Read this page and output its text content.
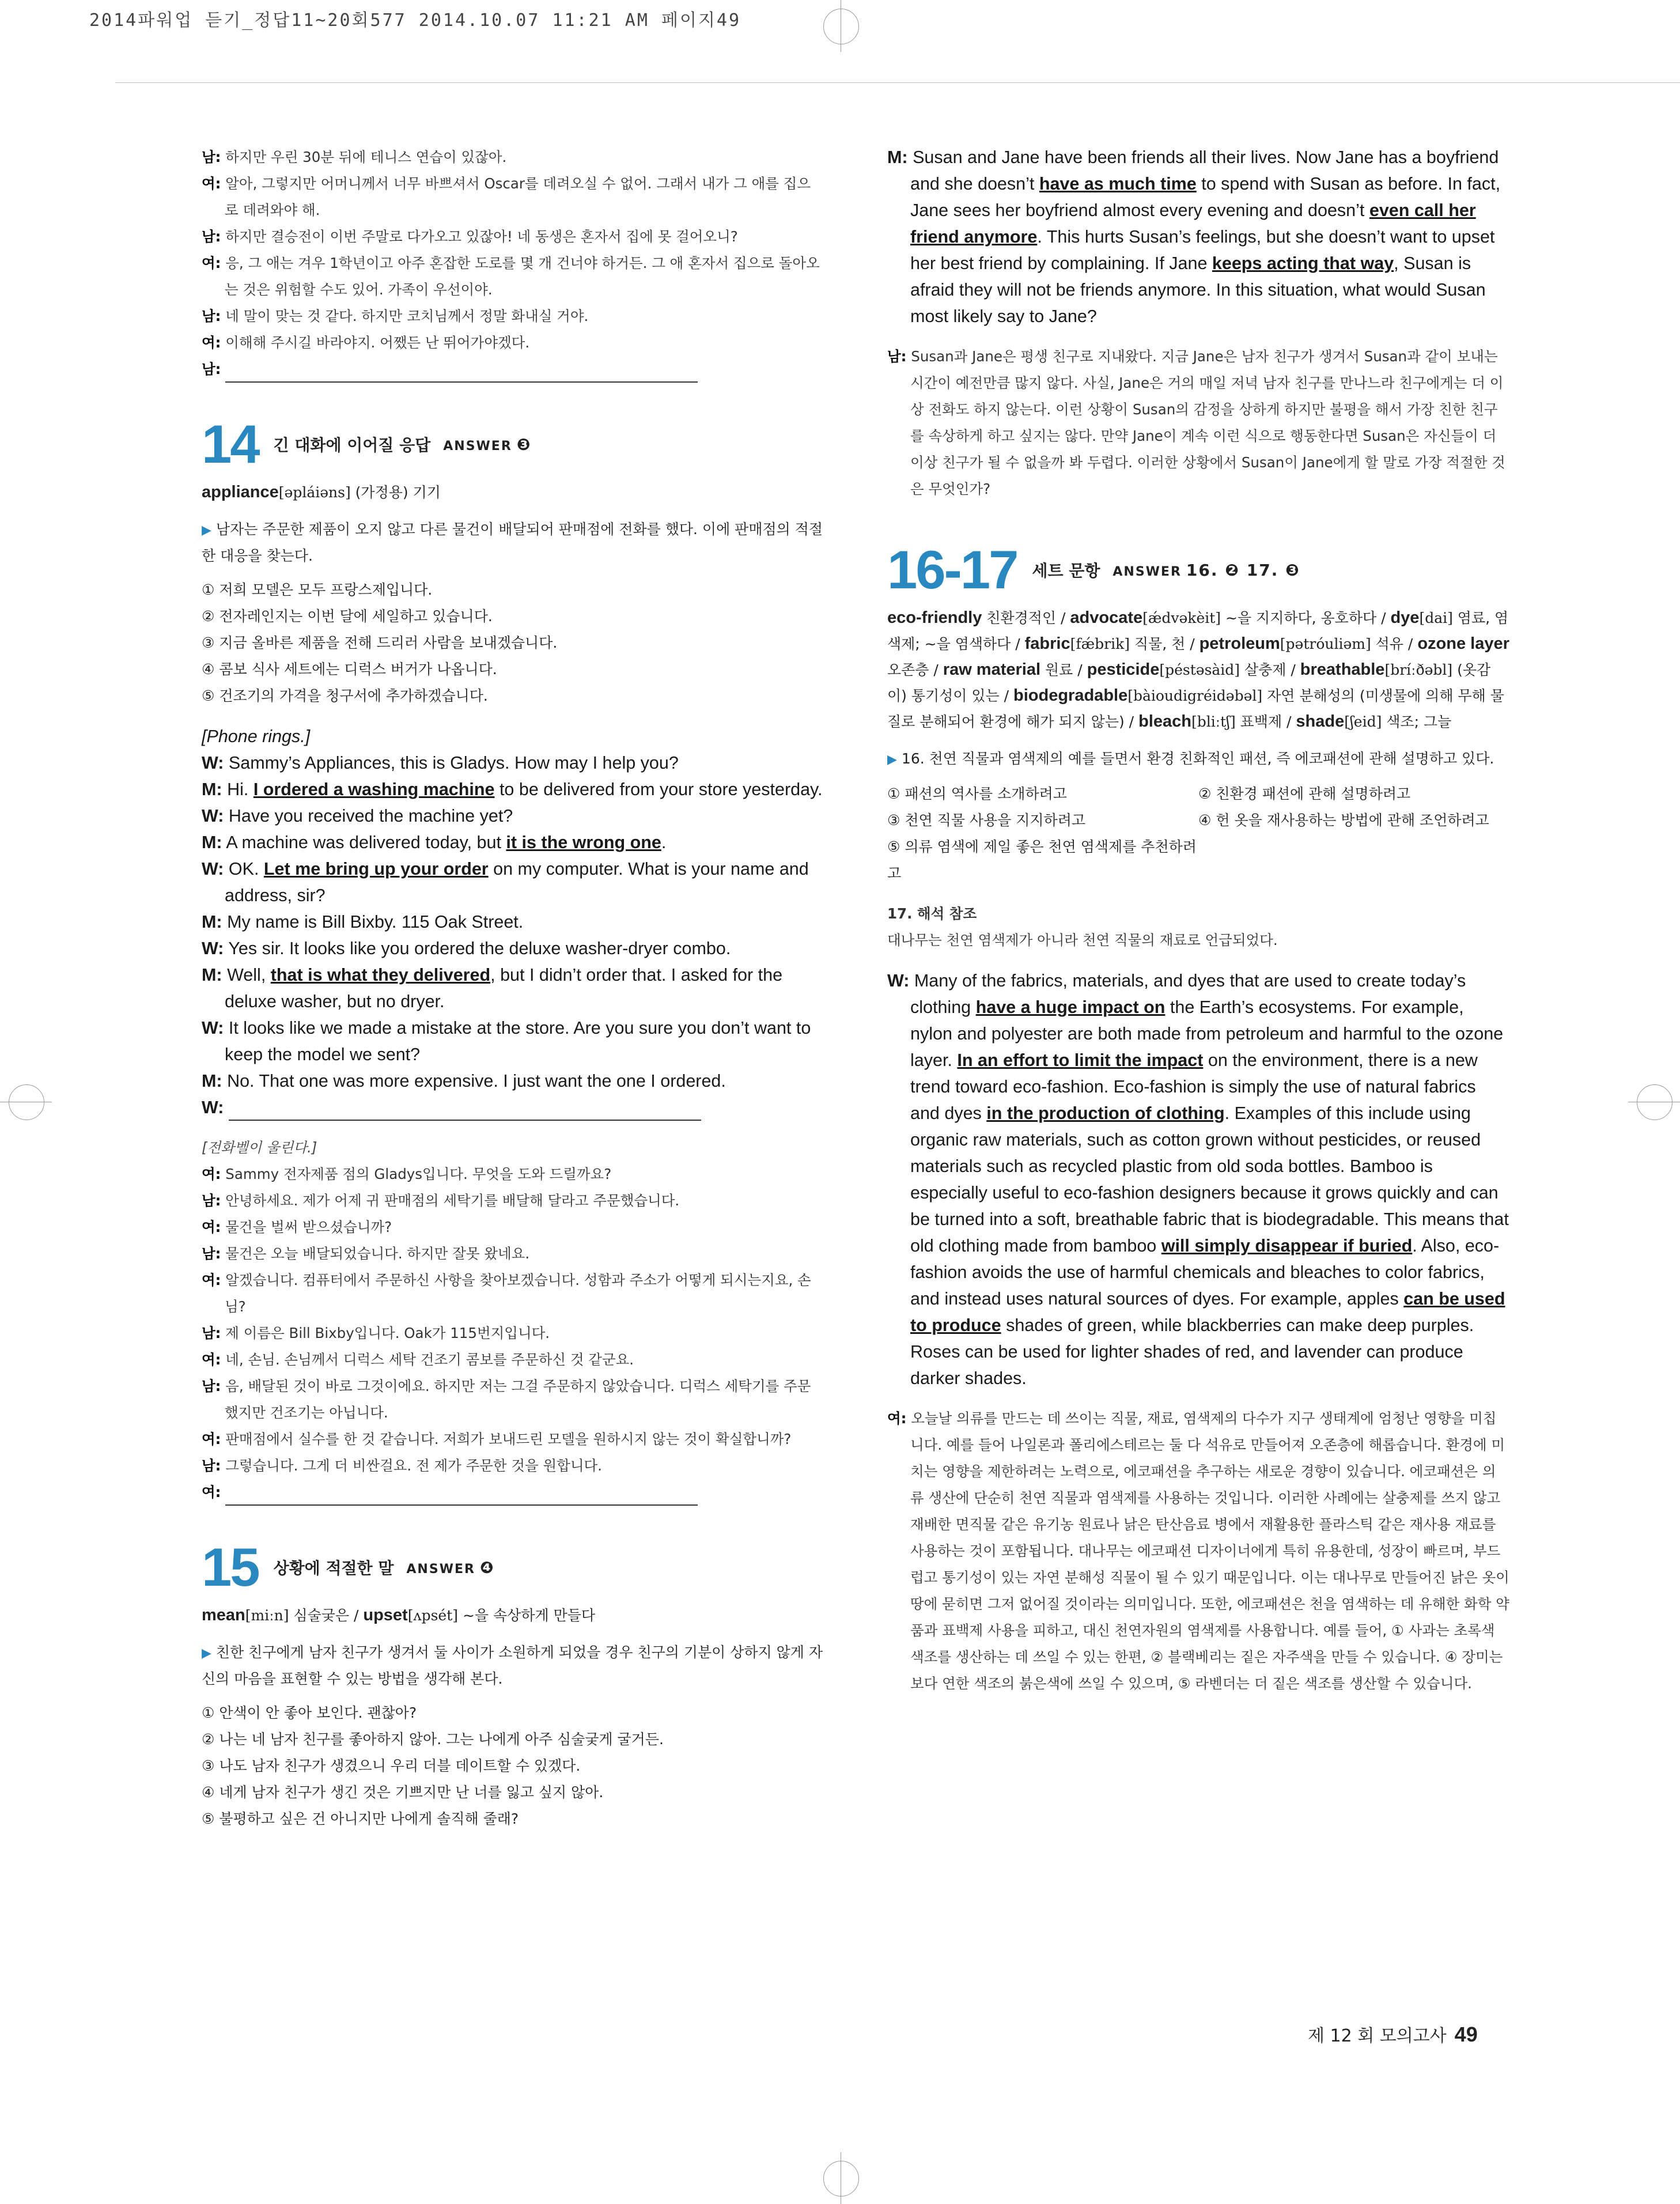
2014파워업 듣기_정답11~20회577 2014.10.07 11:21 AM 페이지49
남: 하지만 우린 30분 뒤에 테니스 연습이 있잖아.
여: 알아, 그렇지만 어머니께서 너무 바쁘셔서 Oscar를 데려오실 수 없어. 그래서 내가 그 애를 집으로 데려와야 해.
남: 하지만 결승전이 이번 주말로 다가오고 있잖아! 네 동생은 혼자서 집에 못 걸어오니?
여: 응, 그 애는 겨우 1학년이고 아주 혼잡한 도로를 몇 개 건너야 하거든. 그 애 혼자서 집으로 돌아오는 것은 위험할 수도 있어. 가족이 우선이야.
남: 네 말이 맞는 것 같다. 하지만 코치님께서 정말 화내실 거야.
여: 이해해 주시길 바라야지. 어쨌든 난 뛰어가야겠다.
남:
14 긴 대화에 이어질 응답 ANSWER ❸
appliance[əpláiəns] (가정용) 기기
▶ 남자는 주문한 제품이 오지 않고 다른 물건이 배달되어 판매점에 전화를 했다. 이에 판매점의 적절한 대응을 찾는다.
① 저희 모델은 모두 프랑스제입니다.
② 전자레인지는 이번 달에 세일하고 있습니다.
③ 지금 올바른 제품을 전해 드리러 사람을 보내겠습니다.
④ 콤보 식사 세트에는 디럭스 버거가 나옵니다.
⑤ 건조기의 가격을 청구서에 추가하겠습니다.
[Phone rings.]
W: Sammy’s Appliances, this is Gladys. How may I help you?
M: Hi. I ordered a washing machine to be delivered from your store yesterday.
W: Have you received the machine yet?
M: A machine was delivered today, but it is the wrong one.
W: OK. Let me bring up your order on my computer. What is your name and address, sir?
M: My name is Bill Bixby. 115 Oak Street.
W: Yes sir. It looks like you ordered the deluxe washer-dryer combo.
M: Well, that is what they delivered, but I didn’t order that. I asked for the deluxe washer, but no dryer.
W: It looks like we made a mistake at the store. Are you sure you don’t want to keep the model we sent?
M: No. That one was more expensive. I just want the one I ordered.
W:
[전화벨이 울린다.]
여: Sammy 전자제품 점의 Gladys입니다. 무엇을 도와 드릴까요?
남: 안녕하세요. 제가 어제 귀 판매점의 세탁기를 배달해 달라고 주문했습니다.
여: 물건을 벌써 받으셨습니까?
남: 물건은 오늘 배달되었습니다. 하지만 잘못 왔네요.
여: 알겠습니다. 컴퓨터에서 주문하신 사항을 찾아보겠습니다. 성함과 주소가 어떻게 되시는지요, 손님?
남: 제 이름은 Bill Bixby입니다. Oak가 115번지입니다.
여: 네, 손님. 손님께서 디럭스 세탁 건조기 콤보를 주문하신 것 같군요.
남: 음, 배달된 것이 바로 그것이에요. 하지만 저는 그걸 주문하지 않았습니다. 디럭스 세탁기를 주문했지만 건조기는 아닙니다.
여: 판매점에서 실수를 한 것 같습니다. 저희가 보내드린 모델을 원하시지 않는 것이 확실합니까?
남: 그렇습니다. 그게 더 비싼걸요. 전 제가 주문한 것을 원합니다.
여:
15 상황에 적절한 말 ANSWER ❹
mean[miːn] 심술궂은 / upset[ʌpsét] ~을 속상하게 만들다
▶ 친한 친구에게 남자 친구가 생겨서 둘 사이가 소원하게 되었을 경우 친구의 기분이 상하지 않게 자신의 마음을 표현할 수 있는 방법을 생각해 본다.
① 안색이 안 좋아 보인다. 괜찮아?
② 나는 네 남자 친구를 좋아하지 않아. 그는 나에게 아주 심술궂게 굴거든.
③ 나도 남자 친구가 생겼으니 우리 더블 데이트할 수 있겠다.
④ 네게 남자 친구가 생긴 것은 기쁘지만 난 너를 잃고 싶지 않아.
⑤ 불평하고 싶은 건 아니지만 나에게 솔직해 줄래?
M: Susan and Jane have been friends all their lives. Now Jane has a boyfriend and she doesn’t have as much time to spend with Susan as before. In fact, Jane sees her boyfriend almost every evening and doesn’t even call her friend anymore. This hurts Susan’s feelings, but she doesn’t want to upset her best friend by complaining. If Jane keeps acting that way, Susan is afraid they will not be friends anymore. In this situation, what would Susan most likely say to Jane?
남: Susan과 Jane은 평생 친구로 지내왔다. 지금 Jane은 남자 친구가 생겨서 Susan과 같이 보내는 시간이 예전만큼 많지 않다. 사실, Jane은 거의 매일 저녁 남자 친구를 만나느라 친구에게는 더 이상 전화도 하지 않는다. 이런 상황이 Susan의 감정을 상하게 하지만 불평을 해서 가장 친한 친구를 속상하게 하고 싶지는 않다. 만약 Jane이 계속 이런 식으로 행동한다면 Susan은 자신들이 더 이상 친구가 될 수 없을까 봐 두렵다. 이러한 상황에서 Susan이 Jane에게 할 말로 가장 적절한 것은 무엇인가?
16-17 세트 문항 ANSWER 16. ❷ 17. ❸
eco-friendly 친환경적인 / advocate[ǽdvəkèit] ~을 지지하다, 옹호하다 / dye[dai] 염료, 염색제; ~을 염색하다 / fabric[fǽbrik] 직물, 천 / petroleum[pətróuliəm] 석유 / ozone layer 오존층 / raw material 원료 / pesticide[péstəsàid] 살충제 / breathable[bríːðəbl] (옷감이) 통기성이 있는 / biodegradable[bàioudigréidəbəl] 자연 분해성의 (미생물에 의해 무해 물질로 분해되어 환경에 해가 되지 않는) / bleach[bliːtʃ] 표백제 / shade[ʃeid] 색조; 그늘
▶ 16. 천연 직물과 염색제의 예를 들면서 환경 친화적인 패션, 즉 에코패션에 관해 설명하고 있다.
① 패션의 역사를 소개하려고	② 친환경 패션에 관해 설명하려고
③ 천연 직물 사용을 지지하려고	④ 헌 옷을 재사용하는 방법에 관해 조언하려고
⑤ 의류 염색에 제일 좋은 천연 염색제를 추천하려고
17. 해석 참조
대나무는 천연 염색제가 아니라 천연 직물의 재료로 언급되었다.
W: Many of the fabrics, materials, and dyes that are used to create today’s clothing have a huge impact on the Earth’s ecosystems. For example, nylon and polyester are both made from petroleum and harmful to the ozone layer. In an effort to limit the impact on the environment, there is a new trend toward eco-fashion. Eco-fashion is simply the use of natural fabrics and dyes in the production of clothing. Examples of this include using organic raw materials, such as cotton grown without pesticides, or reused materials such as recycled plastic from old soda bottles. Bamboo is especially useful to eco-fashion designers because it grows quickly and can be turned into a soft, breathable fabric that is biodegradable. This means that old clothing made from bamboo will simply disappear if buried. Also, eco-fashion avoids the use of harmful chemicals and bleaches to color fabrics, and instead uses natural sources of dyes. For example, apples can be used to produce shades of green, while blackberries can make deep purples. Roses can be used for lighter shades of red, and lavender can produce darker shades.
여: 오늘날 의류를 만드는 데 쓰이는 직물, 재료, 염색제의 다수가 지구 생태계에 엄청난 영향을 미칩니다. 예를 들어 나일론과 폴리에스테르는 둘 다 석유로 만들어져 오존층에 해롭습니다. 환경에 미치는 영향을 제한하려는 노력으로, 에코패션을 추구하는 새로운 경향이 있습니다. 에코패션은 의류 생산에 단순히 천연 직물과 염색제를 사용하는 것입니다. 이러한 사례에는 살충제를 쓰지 않고 재배한 면직물 같은 유기농 원료나 낡은 탄산음료 병에서 재활용한 플라스틱 같은 재사용 재료를 사용하는 것이 포함됩니다. 대나무는 에코패션 디자이너에게 특히 유용한데, 성장이 빠르며, 부드럽고 통기성이 있는 자연 분해성 직물이 될 수 있기 때문입니다. 이는 대나무로 만들어진 낡은 옷이 땅에 묻히면 그저 없어질 것이라는 의미입니다. 또한, 에코패션은 천을 염색하는 데 유해한 화학 약품과 표백제 사용을 피하고, 대신 천연자원의 염색제를 사용합니다. 예를 들어, ① 사과는 초록색 색조를 생산하는 데 쓰일 수 있는 한편, ② 블랙베리는 짙은 자주색을 만들 수 있습니다. ④ 장미는 보다 연한 색조의 붉은색에 쓰일 수 있으며, ⑤ 라벤더는 더 짙은 색조를 생산할 수 있습니다.
제 12 회 모의고사 49
